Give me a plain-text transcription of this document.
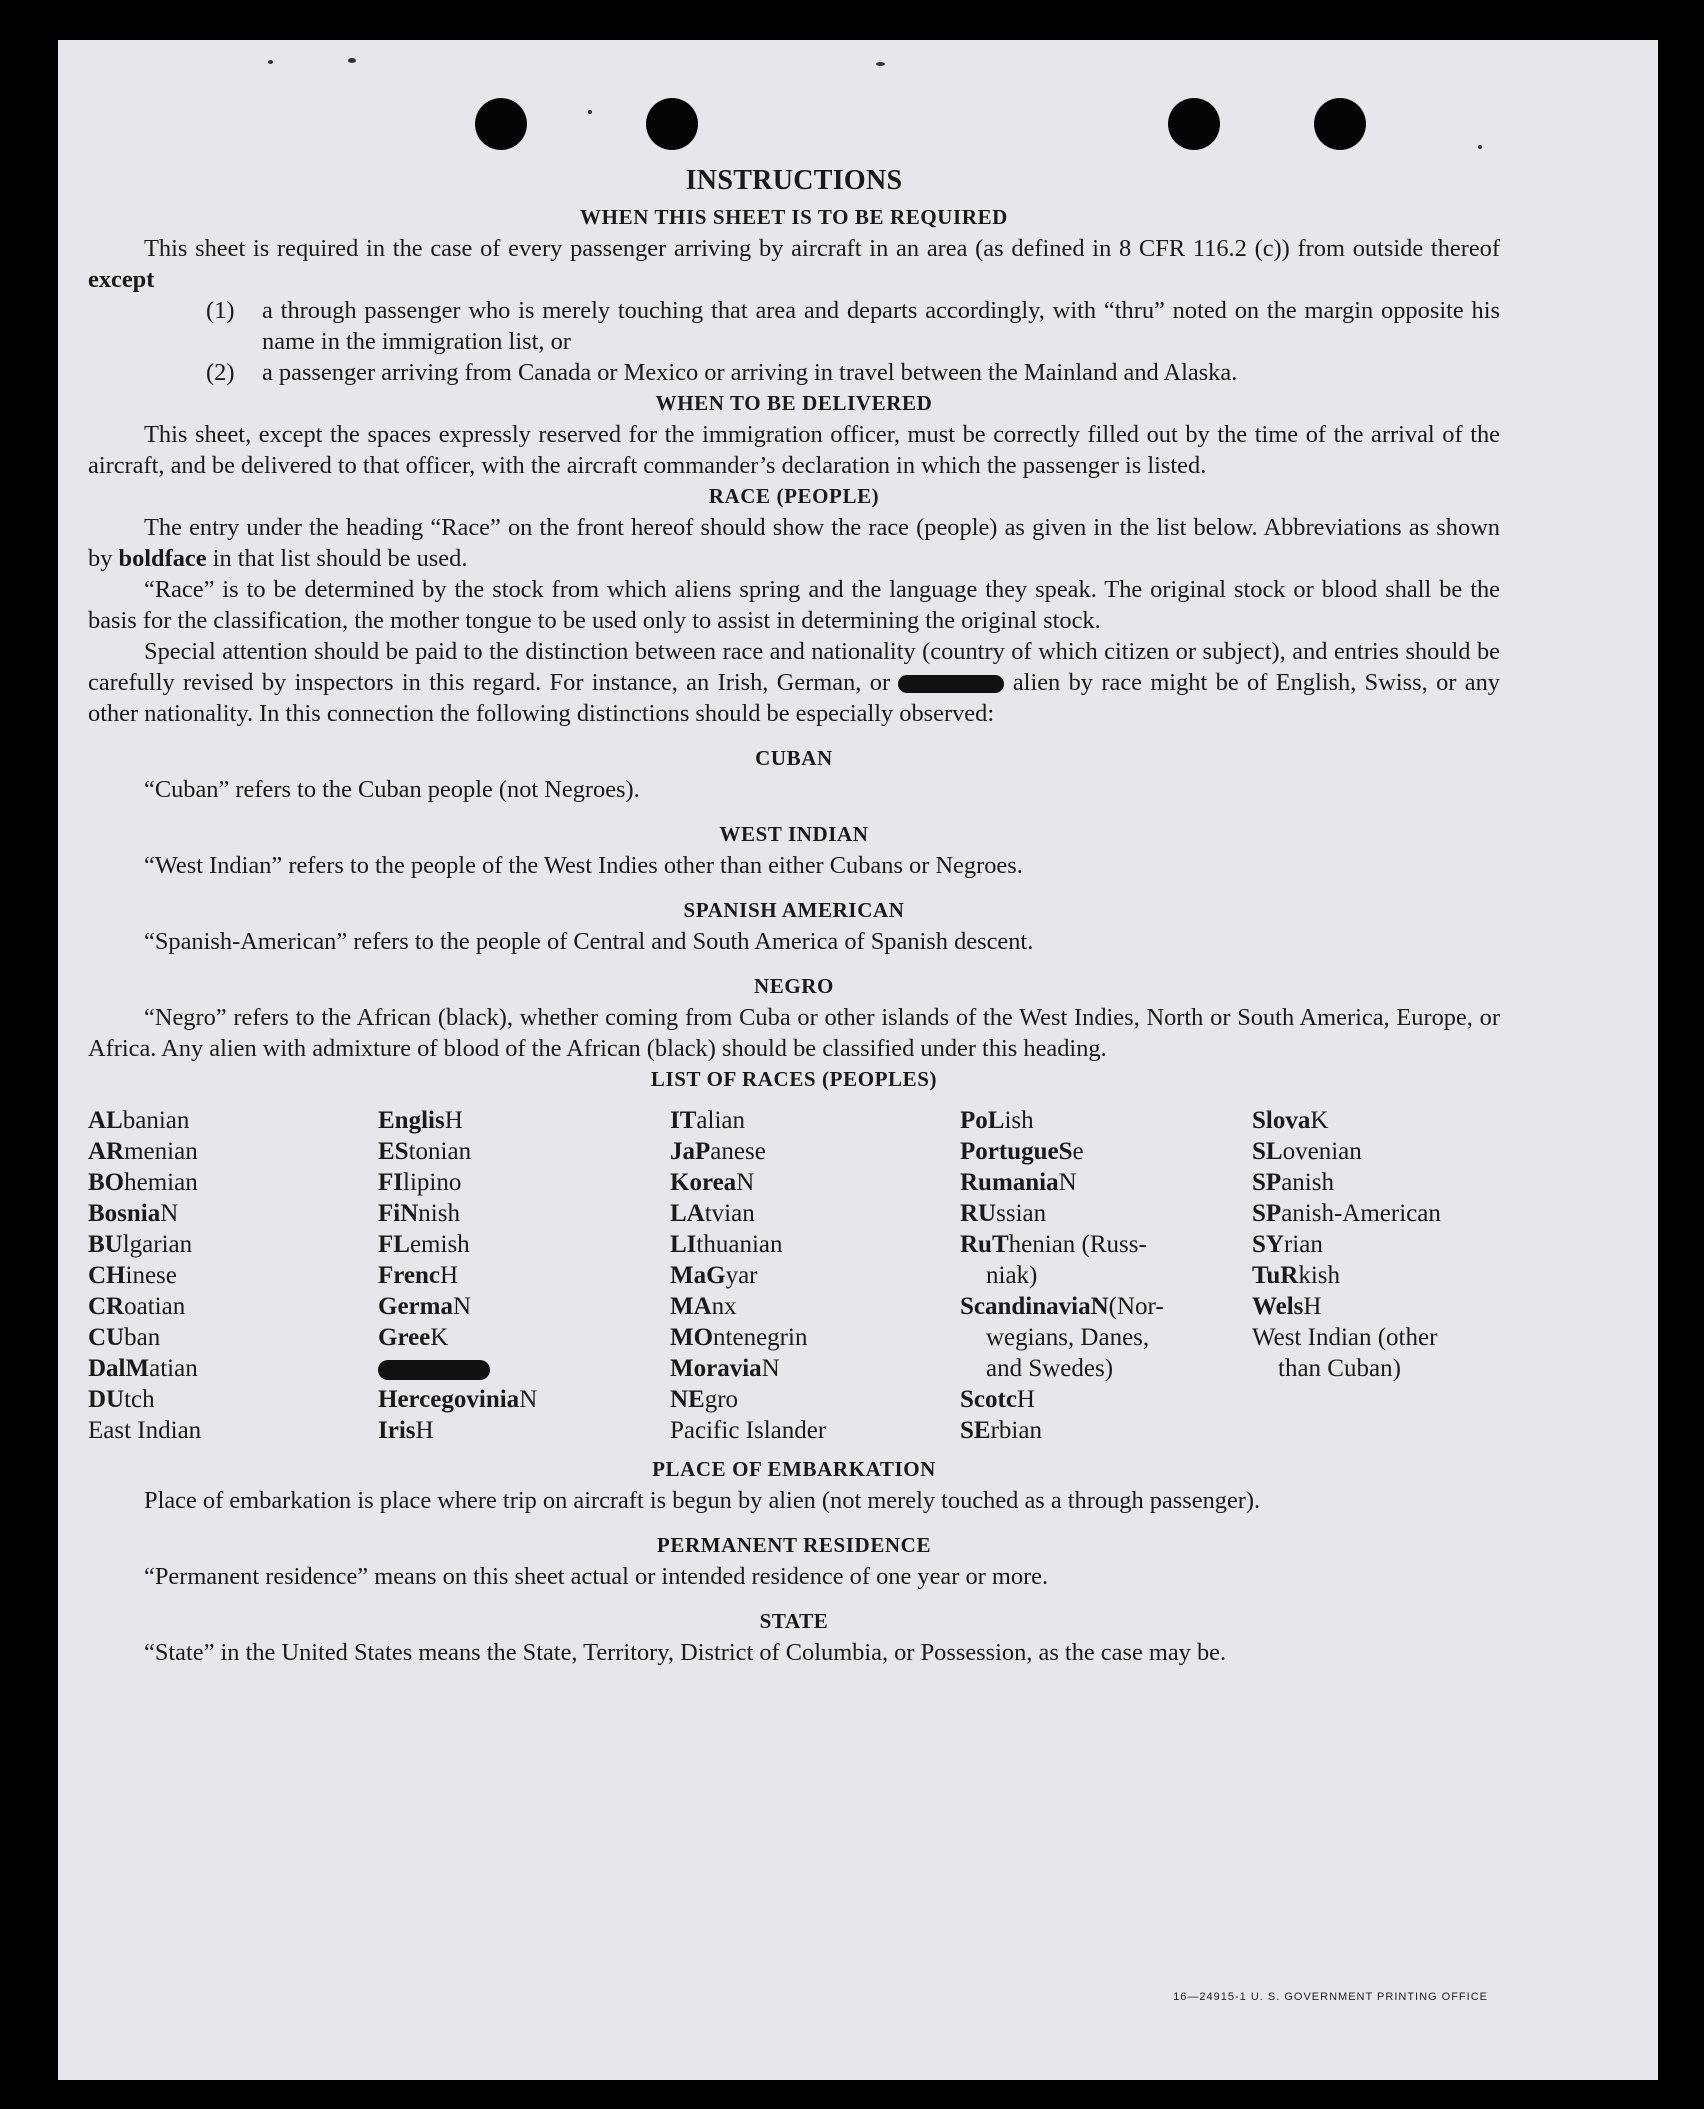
INSTRUCTIONS
WHEN THIS SHEET IS TO BE REQUIRED

This sheet is required in the case of every passenger arriving by aircraft in an area (as defined in 8 CFR 116.2 (c)) from outside thereof except

(1)	a through passenger who is merely touching that area and departs accordingly, with “thru” noted on the margin opposite his name in the immigration list, or
(2)	a passenger arriving from Canada or Mexico or arriving in travel between the Mainland and Alaska.
WHEN TO BE DELIVERED

This sheet, except the spaces expressly reserved for the immigration officer, must be correctly filled out by the time of the arrival of the aircraft, and be delivered to that officer, with the aircraft commander’s declaration in which the passenger is listed.

RACE (PEOPLE)

The entry under the heading “Race” on the front hereof should show the race (people) as given in the list below. Abbreviations as shown by boldface in that list should be used.

“Race” is to be determined by the stock from which aliens spring and the language they speak. The original stock or blood shall be the basis for the classification, the mother tongue to be used only to assist in determining the original stock.

Special attention should be paid to the distinction between race and nationality (country of which citizen or subject), and entries should be carefully revised by inspectors in this regard. For instance, an Irish, German, or	alien by race might be of English, Swiss, or any other nationality. In this connection the following distinctions should be especially observed:

CUBAN

“Cuban” refers to the Cuban people (not Negroes).

WEST INDIAN

“West Indian” refers to the people of the West Indies other than either Cubans or Negroes.

SPANISH AMERICAN

“Spanish-American” refers to the people of Central and South America of Spanish descent.

NEGRO

“Negro” refers to the African (black), whether coming from Cuba or other islands of the West Indies, North or South America, Europe, or Africa. Any alien with admixture of blood of the African (black) should be classified under this heading.

LIST OF RACES (PEOPLES)
ALbanian
ARmenian
BOhemian
BosniaN
BUlgarian
CHinese
CRoatian
CUban
DalMatian
DUtch
East Indian
EnglisH
EStonian
FIlipino
FiNnish
FLemish
FrencH
GermaN
GreeK
HercegoviniaN
IrisH
ITalian
JaPanese
KoreaN
LAtvian
LIthuanian
MaGyar
MAnx
MOntenegrin
MoraviaN
NEgro
Pacific Islander
PoLish
PortugueSe
RumaniaN
RUssian
RuThenian (Russ-
niak)
ScandinaviaN(Nor-
wegians, Danes,
and Swedes)
ScotcH
SErbian
SlovaK
SLovenian
SPanish
SPanish-American
SYrian
TuRkish
WelsH
West Indian (other
than Cuban)
PLACE OF EMBARKATION

Place of embarkation is place where trip on aircraft is begun by alien (not merely touched as a through passenger).

PERMANENT RESIDENCE

“Permanent residence” means on this sheet actual or intended residence of one year or more.

STATE

“State” in the United States means the State, Territory, District of Columbia, or Possession, as the case may be.

16—24915-1 U. S. GOVERNMENT PRINTING OFFICE
